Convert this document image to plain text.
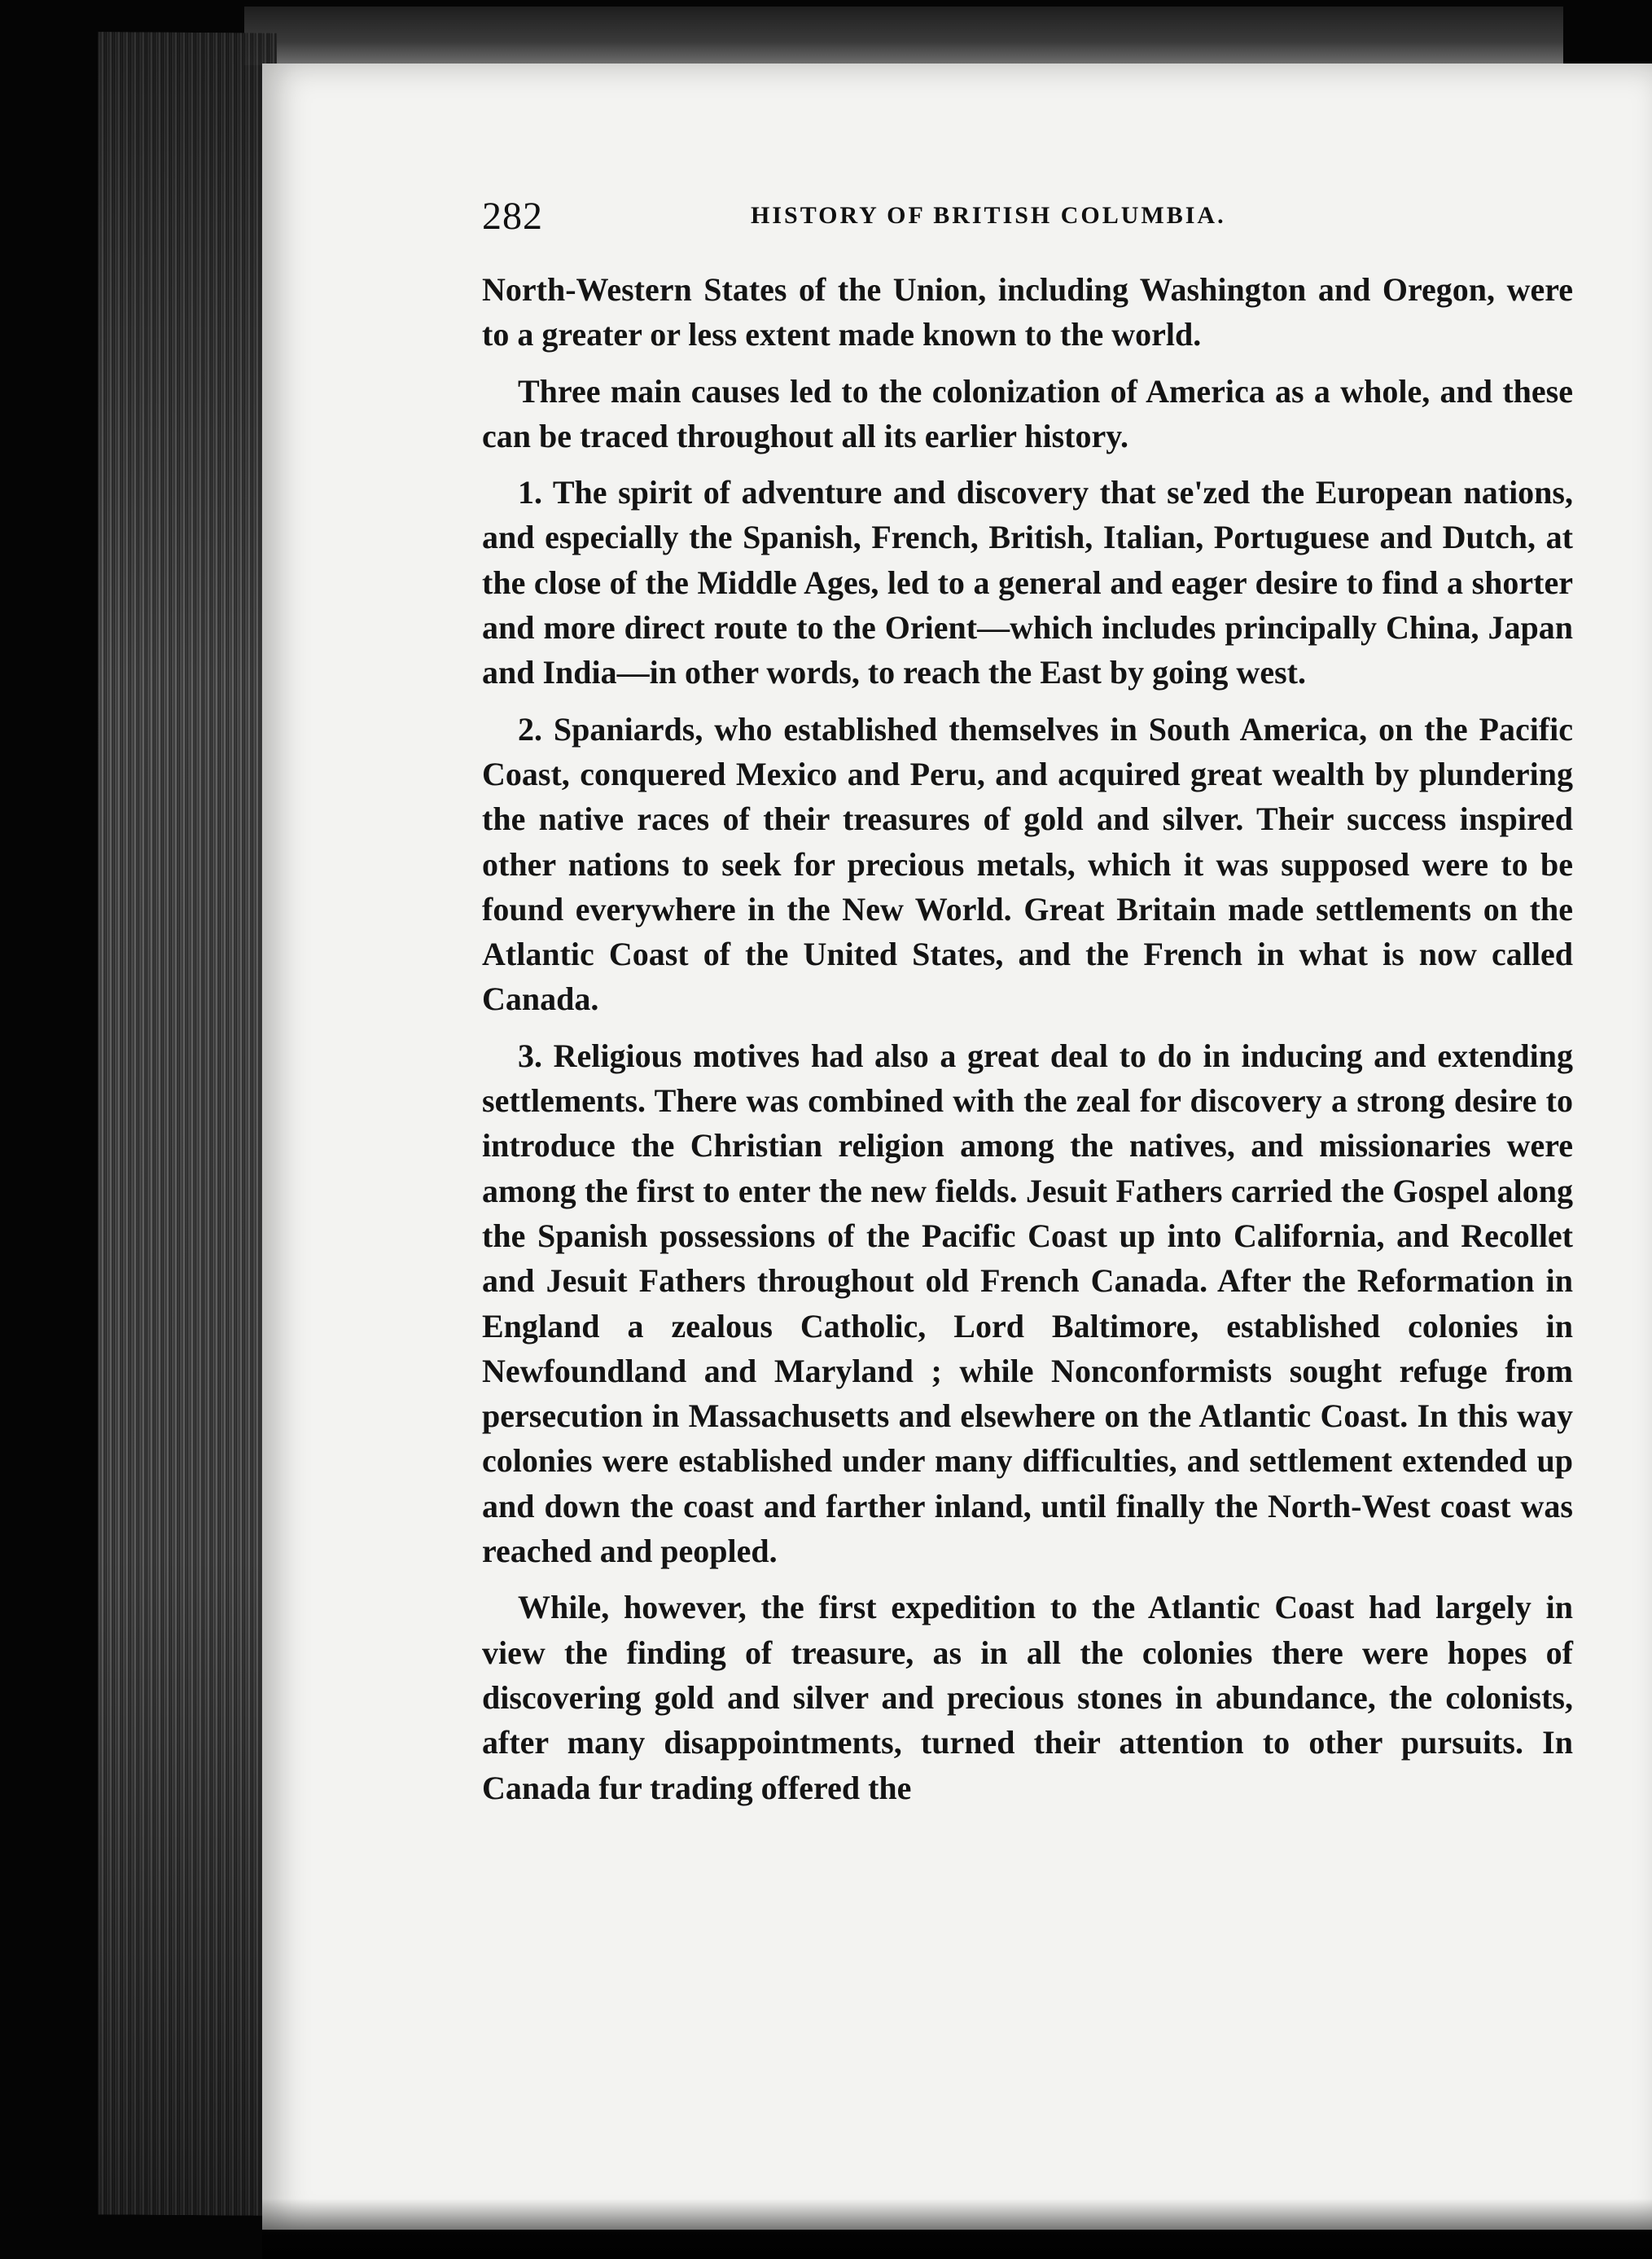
282	HISTORY OF BRITISH COLUMBIA.

North-Western States of the Union, including Washington and Oregon, were to a greater or less extent made known to the world.

Three main causes led to the colonization of America as a whole, and these can be traced throughout all its earlier history.

1. The spirit of adventure and discovery that se'zed the European nations, and especially the Spanish, French, British, Italian, Portuguese and Dutch, at the close of the Middle Ages, led to a general and eager desire to find a shorter and more direct route to the Orient—which includes principally China, Japan and India—in other words, to reach the East by going west.

2. Spaniards, who established themselves in South America, on the Pacific Coast, conquered Mexico and Peru, and acquired great wealth by plundering the native races of their treasures of gold and silver. Their success inspired other nations to seek for precious metals, which it was supposed were to be found everywhere in the New World. Great Britain made settlements on the Atlantic Coast of the United States, and the French in what is now called Canada.

3. Religious motives had also a great deal to do in inducing and extending settlements. There was combined with the zeal for discovery a strong desire to introduce the Christian religion among the natives, and missionaries were among the first to enter the new fields. Jesuit Fathers carried the Gospel along the Spanish possessions of the Pacific Coast up into California, and Recollet and Jesuit Fathers throughout old French Canada. After the Reformation in England a zealous Catholic, Lord Baltimore, established colonies in Newfoundland and Maryland ; while Nonconformists sought refuge from persecution in Massachusetts and elsewhere on the Atlantic Coast. In this way colonies were established under many difficulties, and settlement extended up and down the coast and farther inland, until finally the North-West coast was reached and peopled.

While, however, the first expedition to the Atlantic Coast had largely in view the finding of treasure, as in all the colonies there were hopes of discovering gold and silver and precious stones in abundance, the colonists, after many disappointments, turned their attention to other pursuits. In Canada fur trading offered the
